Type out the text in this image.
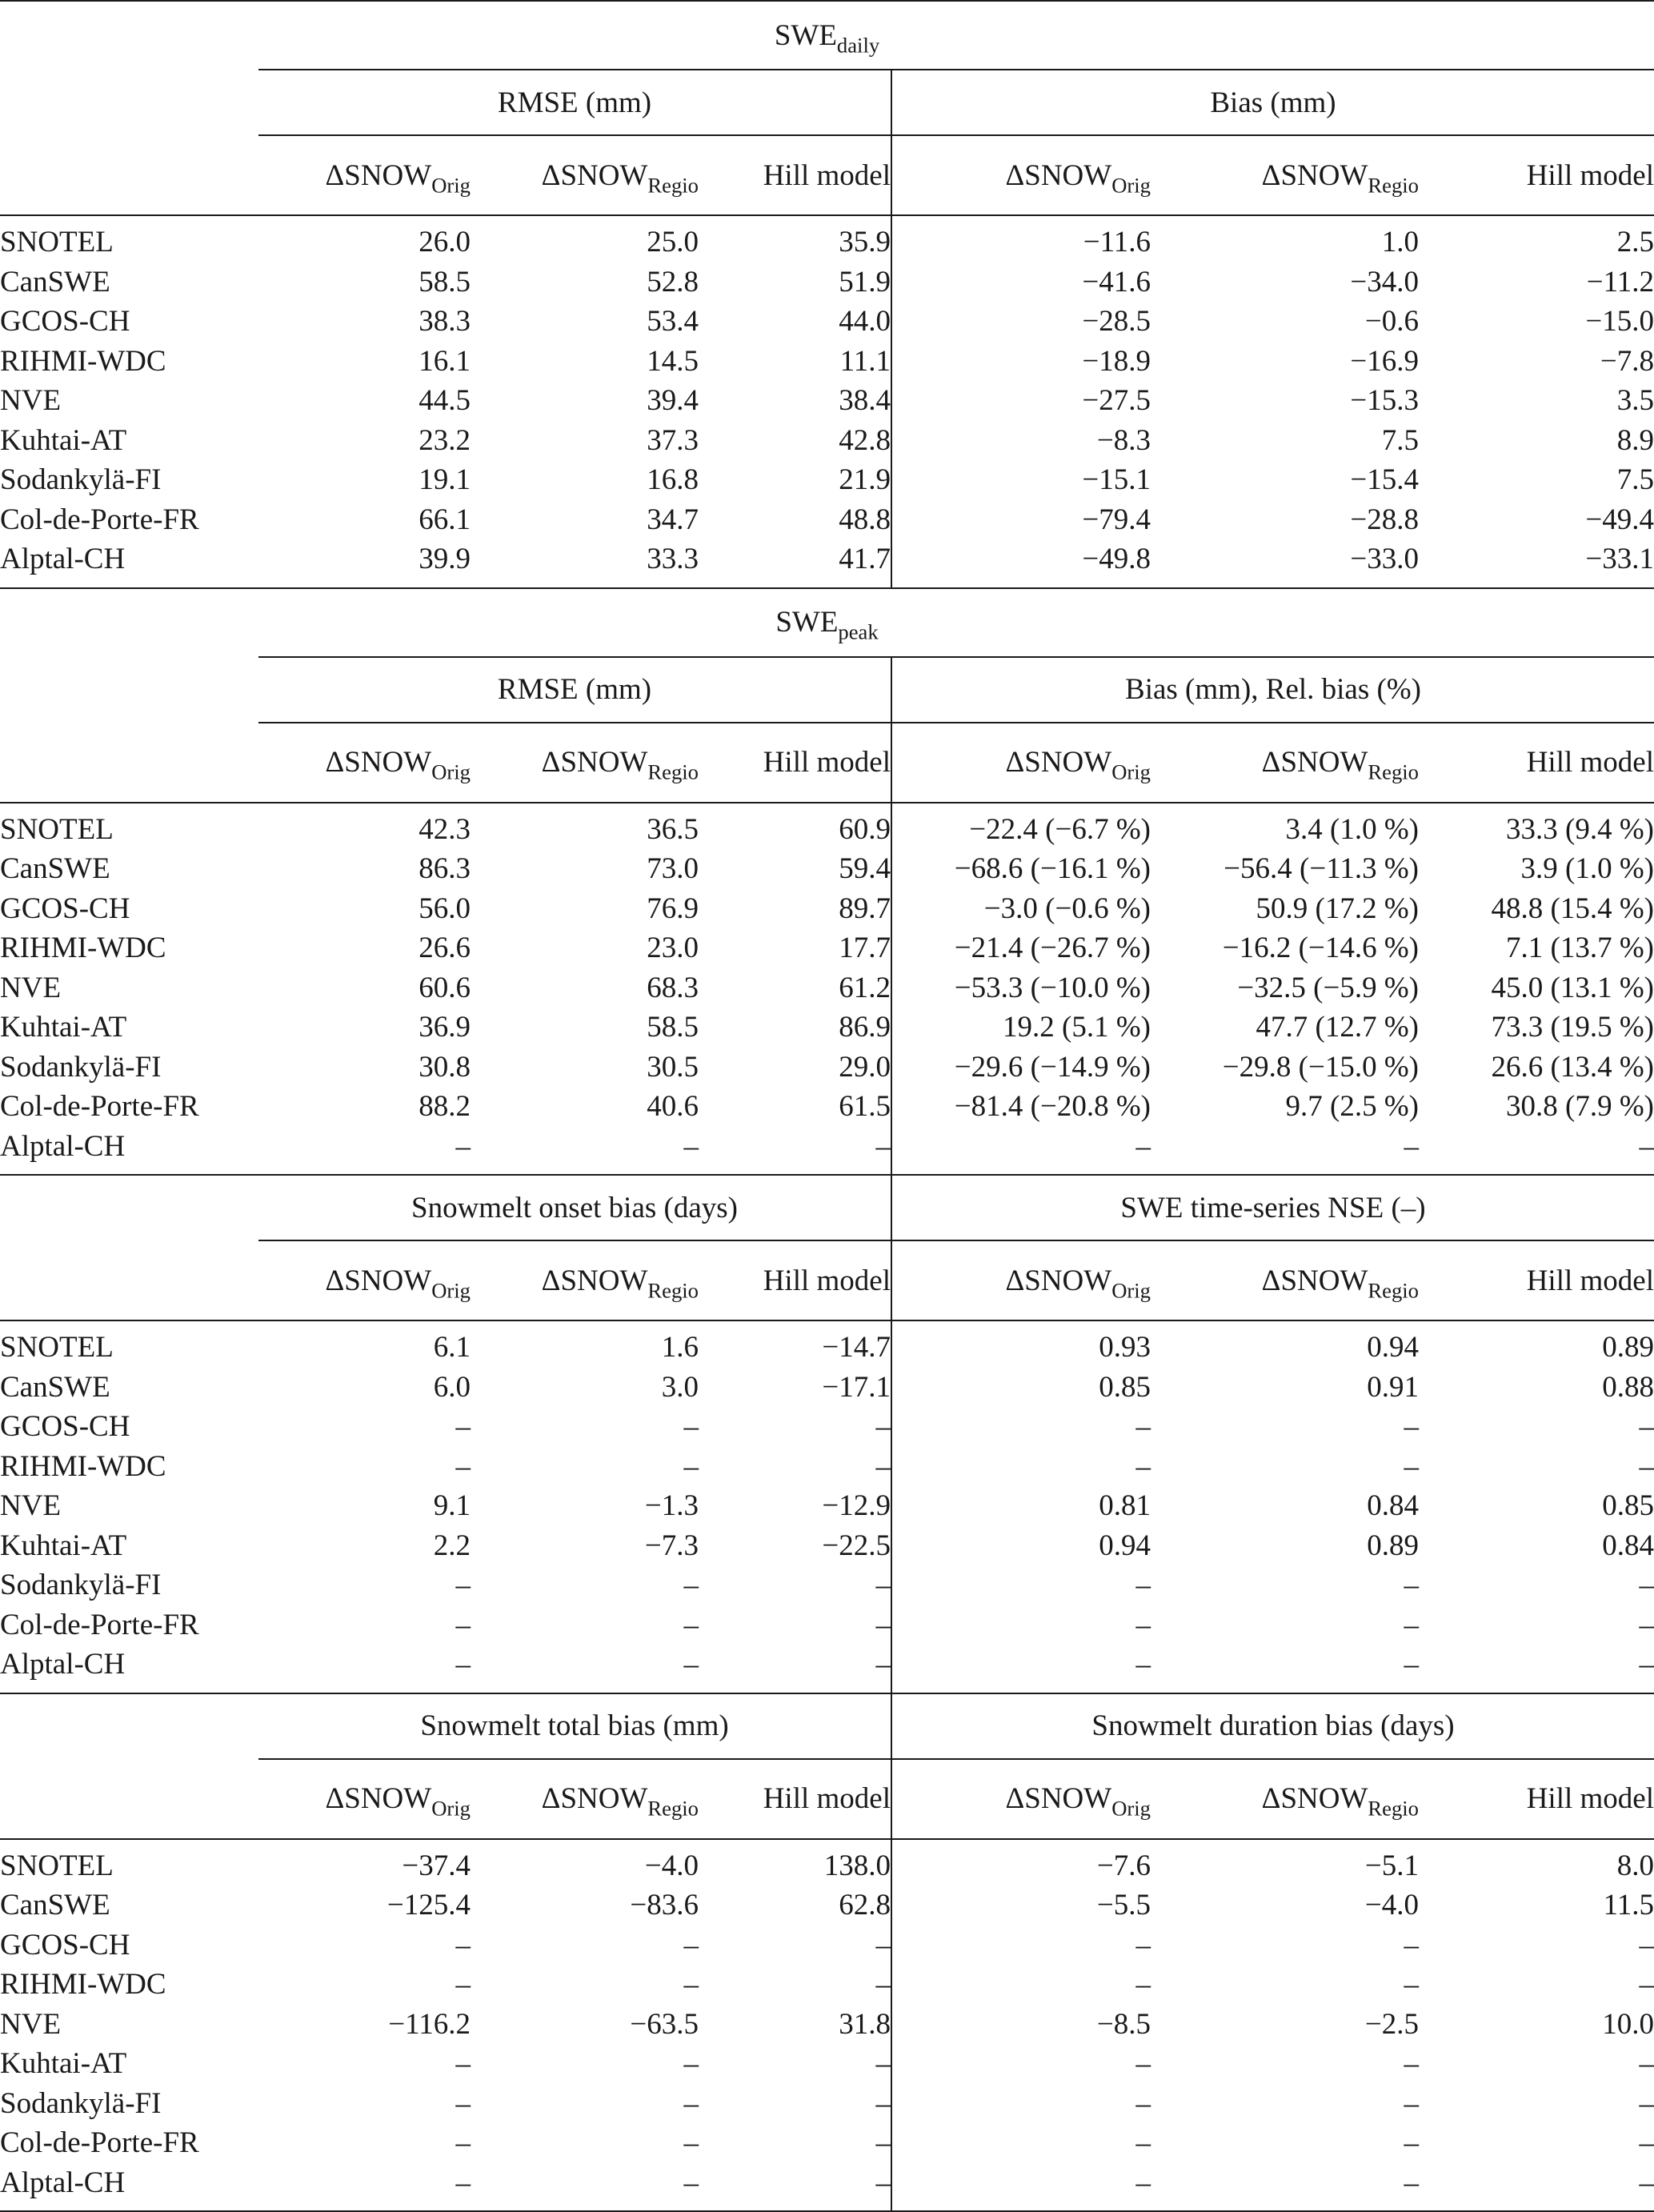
$SWE_{daily}$

	RMSE (mm)			Bias (mm)		
	$\Delta SNOW_{Orig}$	$\Delta SNOW_{Regio}$	Hill model	$\Delta SNOW_{Orig}$	$\Delta SNOW_{Regio}$	Hill model
SNOTEL	26.0	25.0	35.9	−11.6	1.0	2.5
CanSWE	58.5	52.8	51.9	−41.6	−34.0	−11.2
GCOS-CH	38.3	53.4	44.0	−28.5	−0.6	−15.0
RIHMI-WDC	16.1	14.5	11.1	−18.9	−16.9	−7.8
NVE	44.5	39.4	38.4	−27.5	−15.3	3.5
Kuhtai-AT	23.2	37.3	42.8	−8.3	7.5	8.9
Sodankylä-FI	19.1	16.8	21.9	−15.1	−15.4	7.5
Col-de-Porte-FR	66.1	34.7	48.8	−79.4	−28.8	−49.4
Alptal-CH	39.9	33.3	41.7	−49.8	−33.0	−33.1

$SWE_{peak}$

	RMSE (mm)			Bias (mm), Rel. bias (%)		
	$\Delta SNOW_{Orig}$	$\Delta SNOW_{Regio}$	Hill model	$\Delta SNOW_{Orig}$	$\Delta SNOW_{Regio}$	Hill model
SNOTEL	42.3	36.5	60.9	−22.4 (−6.7 %)	3.4 (1.0 %)	33.3 (9.4 %)
CanSWE	86.3	73.0	59.4	−68.6 (−16.1 %)	−56.4 (−11.3 %)	3.9 (1.0 %)
GCOS-CH	56.0	76.9	89.7	−3.0 (−0.6 %)	50.9 (17.2 %)	48.8 (15.4 %)
RIHMI-WDC	26.6	23.0	17.7	−21.4 (−26.7 %)	−16.2 (−14.6 %)	7.1 (13.7 %)
NVE	60.6	68.3	61.2	−53.3 (−10.0 %)	−32.5 (−5.9 %)	45.0 (13.1 %)
Kuhtai-AT	36.9	58.5	86.9	19.2 (5.1 %)	47.7 (12.7 %)	73.3 (19.5 %)
Sodankylä-FI	30.8	30.5	29.0	−29.6 (−14.9 %)	−29.8 (−15.0 %)	26.6 (13.4 %)
Col-de-Porte-FR	88.2	40.6	61.5	−81.4 (−20.8 %)	9.7 (2.5 %)	30.8 (7.9 %)
Alptal-CH	–	–	–	–	–	–
	Snowmelt onset bias (days)			SWE time-series NSE (–)		
	$\Delta SNOW_{Orig}$	$\Delta SNOW_{Regio}$	Hill model	$\Delta SNOW_{Orig}$	$\Delta SNOW_{Regio}$	Hill model
SNOTEL	6.1	1.6	−14.7	0.93	0.94	0.89
CanSWE	6.0	3.0	−17.1	0.85	0.91	0.88
GCOS-CH	–	–	–	–	–	–
RIHMI-WDC	–	–	–	–	–	–
NVE	9.1	−1.3	−12.9	0.81	0.84	0.85
Kuhtai-AT	2.2	−7.3	−22.5	0.94	0.89	0.84
Sodankylä-FI	–	–	–	–	–	–
Col-de-Porte-FR	–	–	–	–	–	–
Alptal-CH	–	–	–	–	–	–
	Snowmelt total bias (mm)			Snowmelt duration bias (days)		
	$\Delta SNOW_{Orig}$	$\Delta SNOW_{Regio}$	Hill model	$\Delta SNOW_{Orig}$	$\Delta SNOW_{Regio}$	Hill model
SNOTEL	−37.4	−4.0	138.0	−7.6	−5.1	8.0
CanSWE	−125.4	−83.6	62.8	−5.5	−4.0	11.5
GCOS-CH	–	–	–	–	–	–
RIHMI-WDC	–	–	–	–	–	–
NVE	−116.2	−63.5	31.8	−8.5	−2.5	10.0
Kuhtai-AT	–	–	–	–	–	–
Sodankylä-FI	–	–	–	–	–	–
Col-de-Porte-FR	–	–	–	–	–	–
Alptal-CH	–	–	–	–	–	–
